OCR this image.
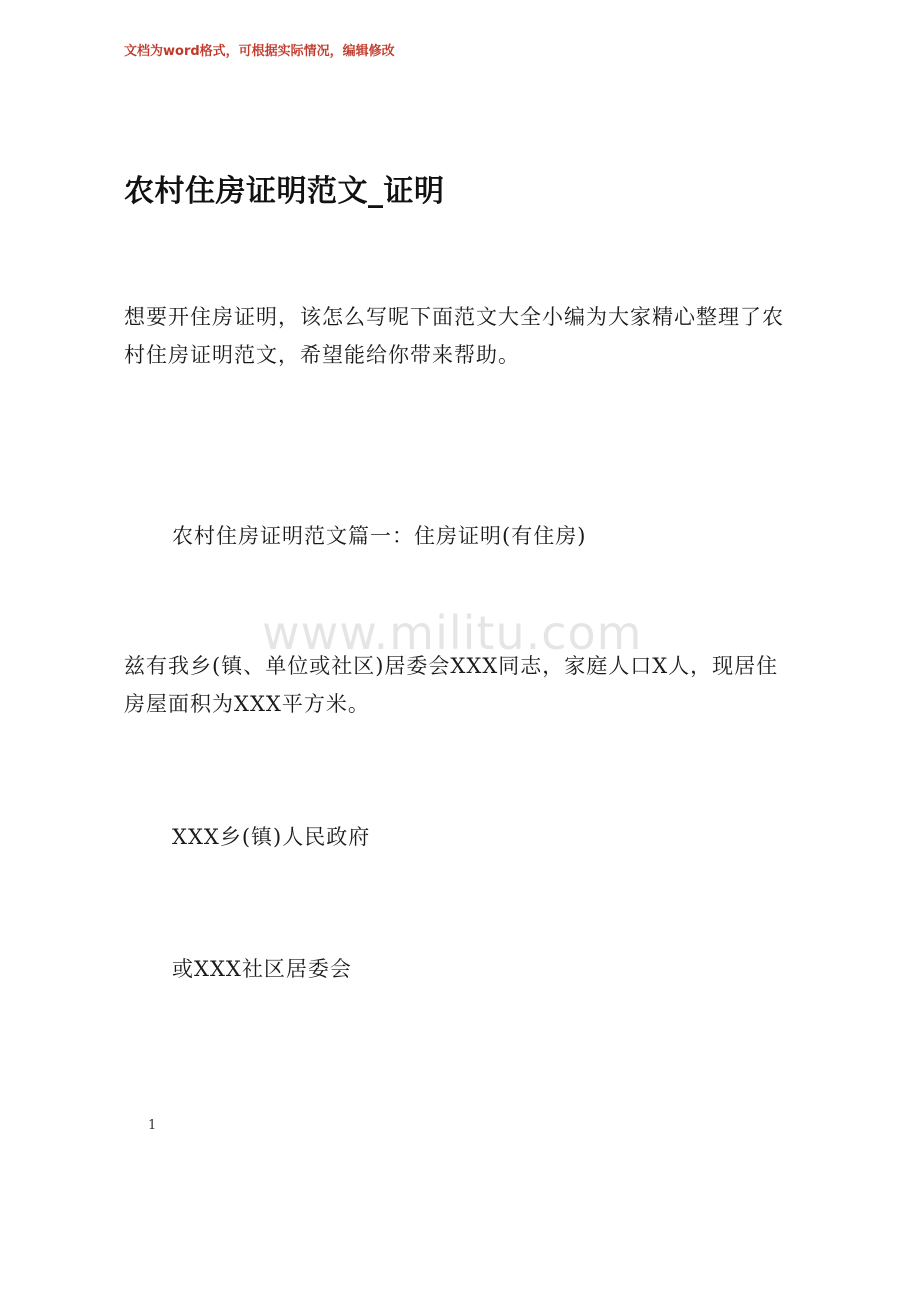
文档为word格式，可根据实际情况，编辑修改
农村住房证明范文_证明
想要开住房证明，该怎么写呢下面范文大全小编为大家精心整理了农村住房证明范文，希望能给你带来帮助。
农村住房证明范文篇一：住房证明(有住房)
www.militu.com
兹有我乡(镇、单位或社区)居委会XXX同志，家庭人口X人，现居住房屋面积为XXX平方米。
XXX乡(镇)人民政府
或XXX社区居委会
1
